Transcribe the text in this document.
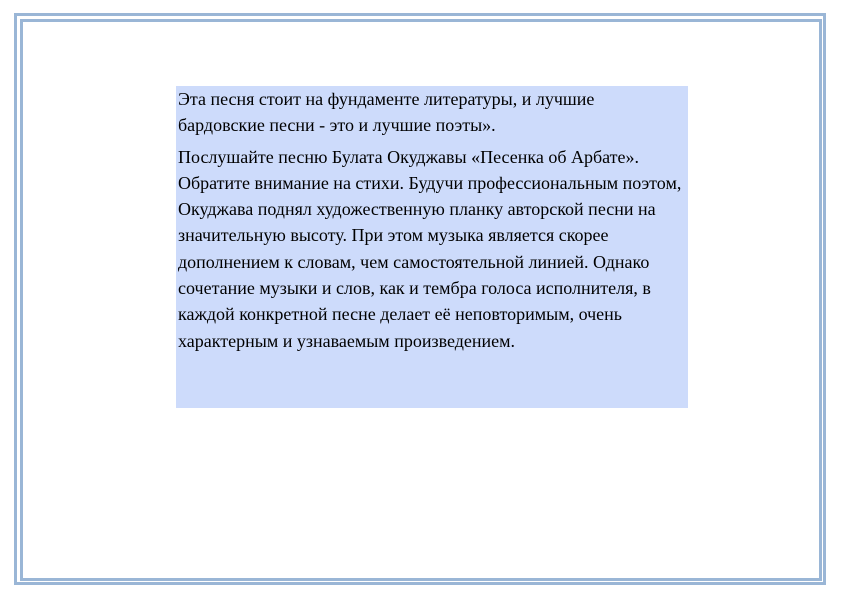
Эта песня стоит на фундаменте литературы, и лучшие бардовские песни - это и лучшие поэты».

Послушайте песню Булата Окуджавы «Песенка об Арбате». Обратите внимание на стихи. Будучи профессиональным поэтом, Окуджава поднял художественную планку авторской песни на значительную высоту. При этом музыка является скорее дополнением к словам, чем самостоятельной линией. Однако сочетание музыки и слов, как и тембра голоса исполнителя, в каждой конкретной песне делает её неповторимым, очень характерным и узнаваемым произведением.
